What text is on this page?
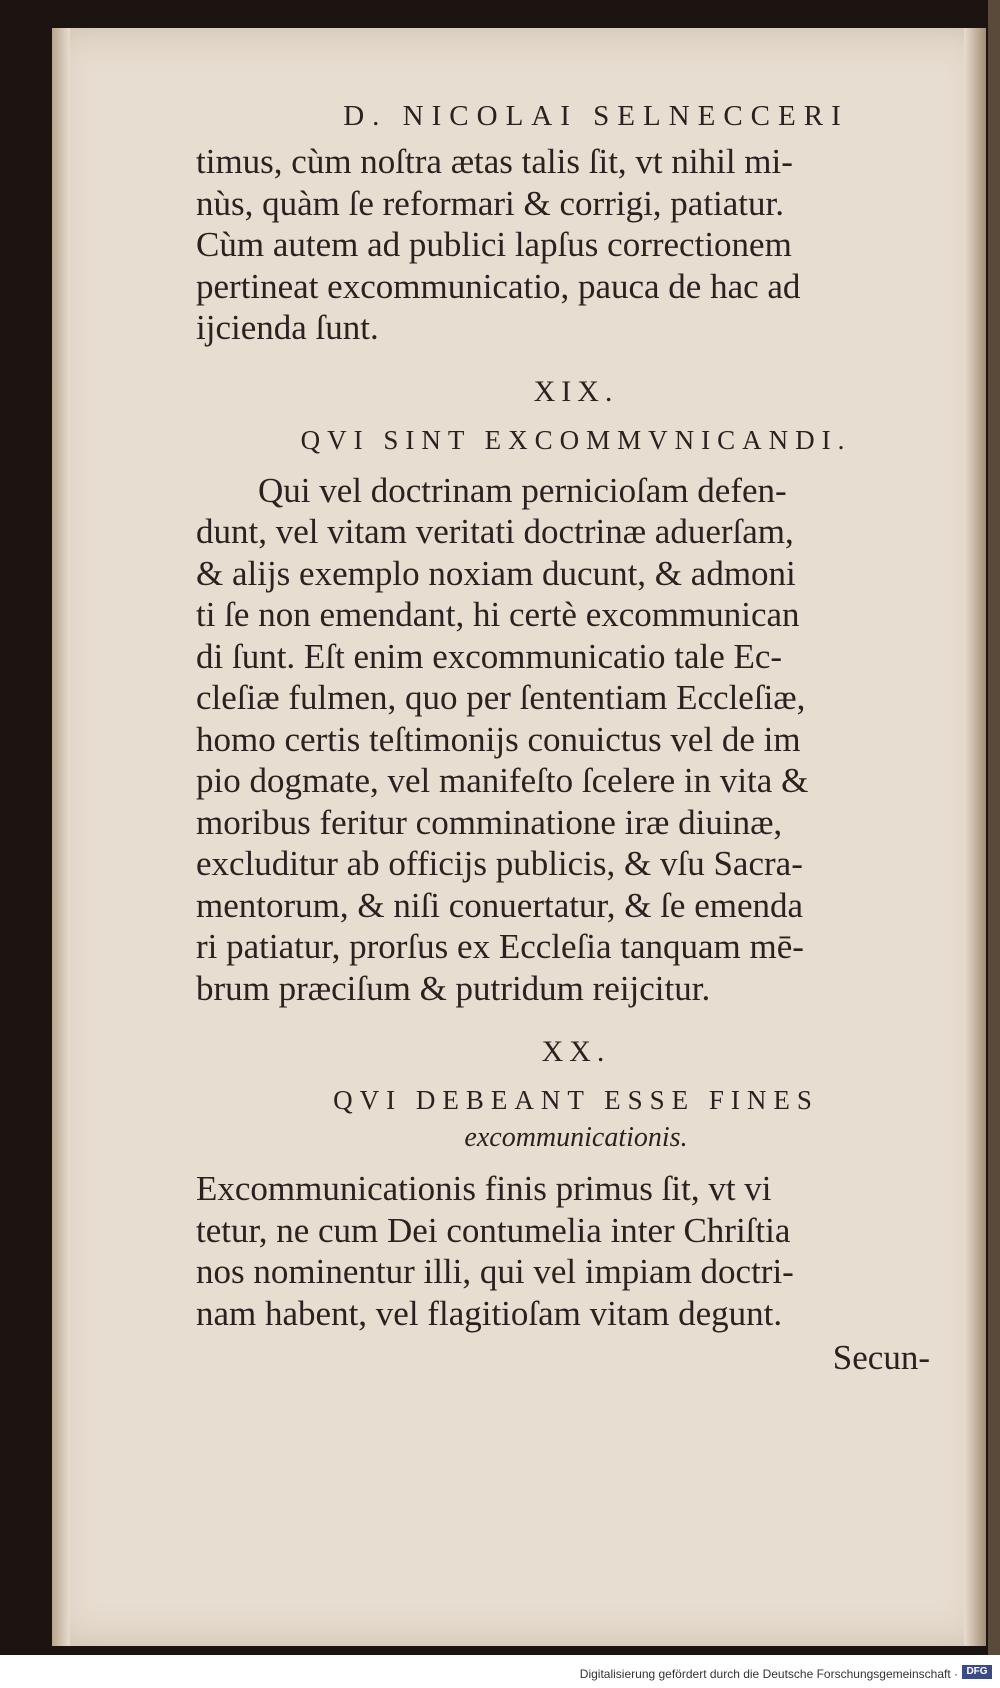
D. NICOLAI SELNECCERI

timus, cùm noſtra ætas talis ſit, vt nihil mi-

nùs, quàm ſe reformari & corrigi, patiatur.

Cùm autem ad publici lapſus correctionem

pertineat excommunicatio, pauca de hac ad

ijcienda ſunt.

XIX.
QVI SINT EXCOMMVNICANDI.

Qui vel doctrinam pernicioſam defen-

dunt, vel vitam veritati doctrinæ aduerſam,

& alijs exemplo noxiam ducunt, & admoni

ti ſe non emendant, hi certè excommunican

di ſunt. Eſt enim excommunicatio tale Ec-

cleſiæ fulmen, quo per ſententiam Eccleſiæ,

homo certis teſtimonijs conuictus vel de im

pio dogmate, vel manifeſto ſcelere in vita &

moribus feritur comminatione iræ diuinæ,

excluditur ab officijs publicis, & vſu Sacra-

mentorum, & niſi conuertatur, & ſe emenda

ri patiatur, prorſus ex Eccleſia tanquam mē-

brum præciſum & putridum reijcitur.

XX.
QVI DEBEANT ESSE FINES
excommunicationis.

Excommunicationis finis primus ſit, vt vi

tetur, ne cum Dei contumelia inter Chriſtia

nos nominentur illi, qui vel impiam doctri-

nam habent, vel flagitioſam vitam degunt.

Secun-
Digitalisierung gefördert durch die Deutsche Forschungsgemeinschaft · DFG
